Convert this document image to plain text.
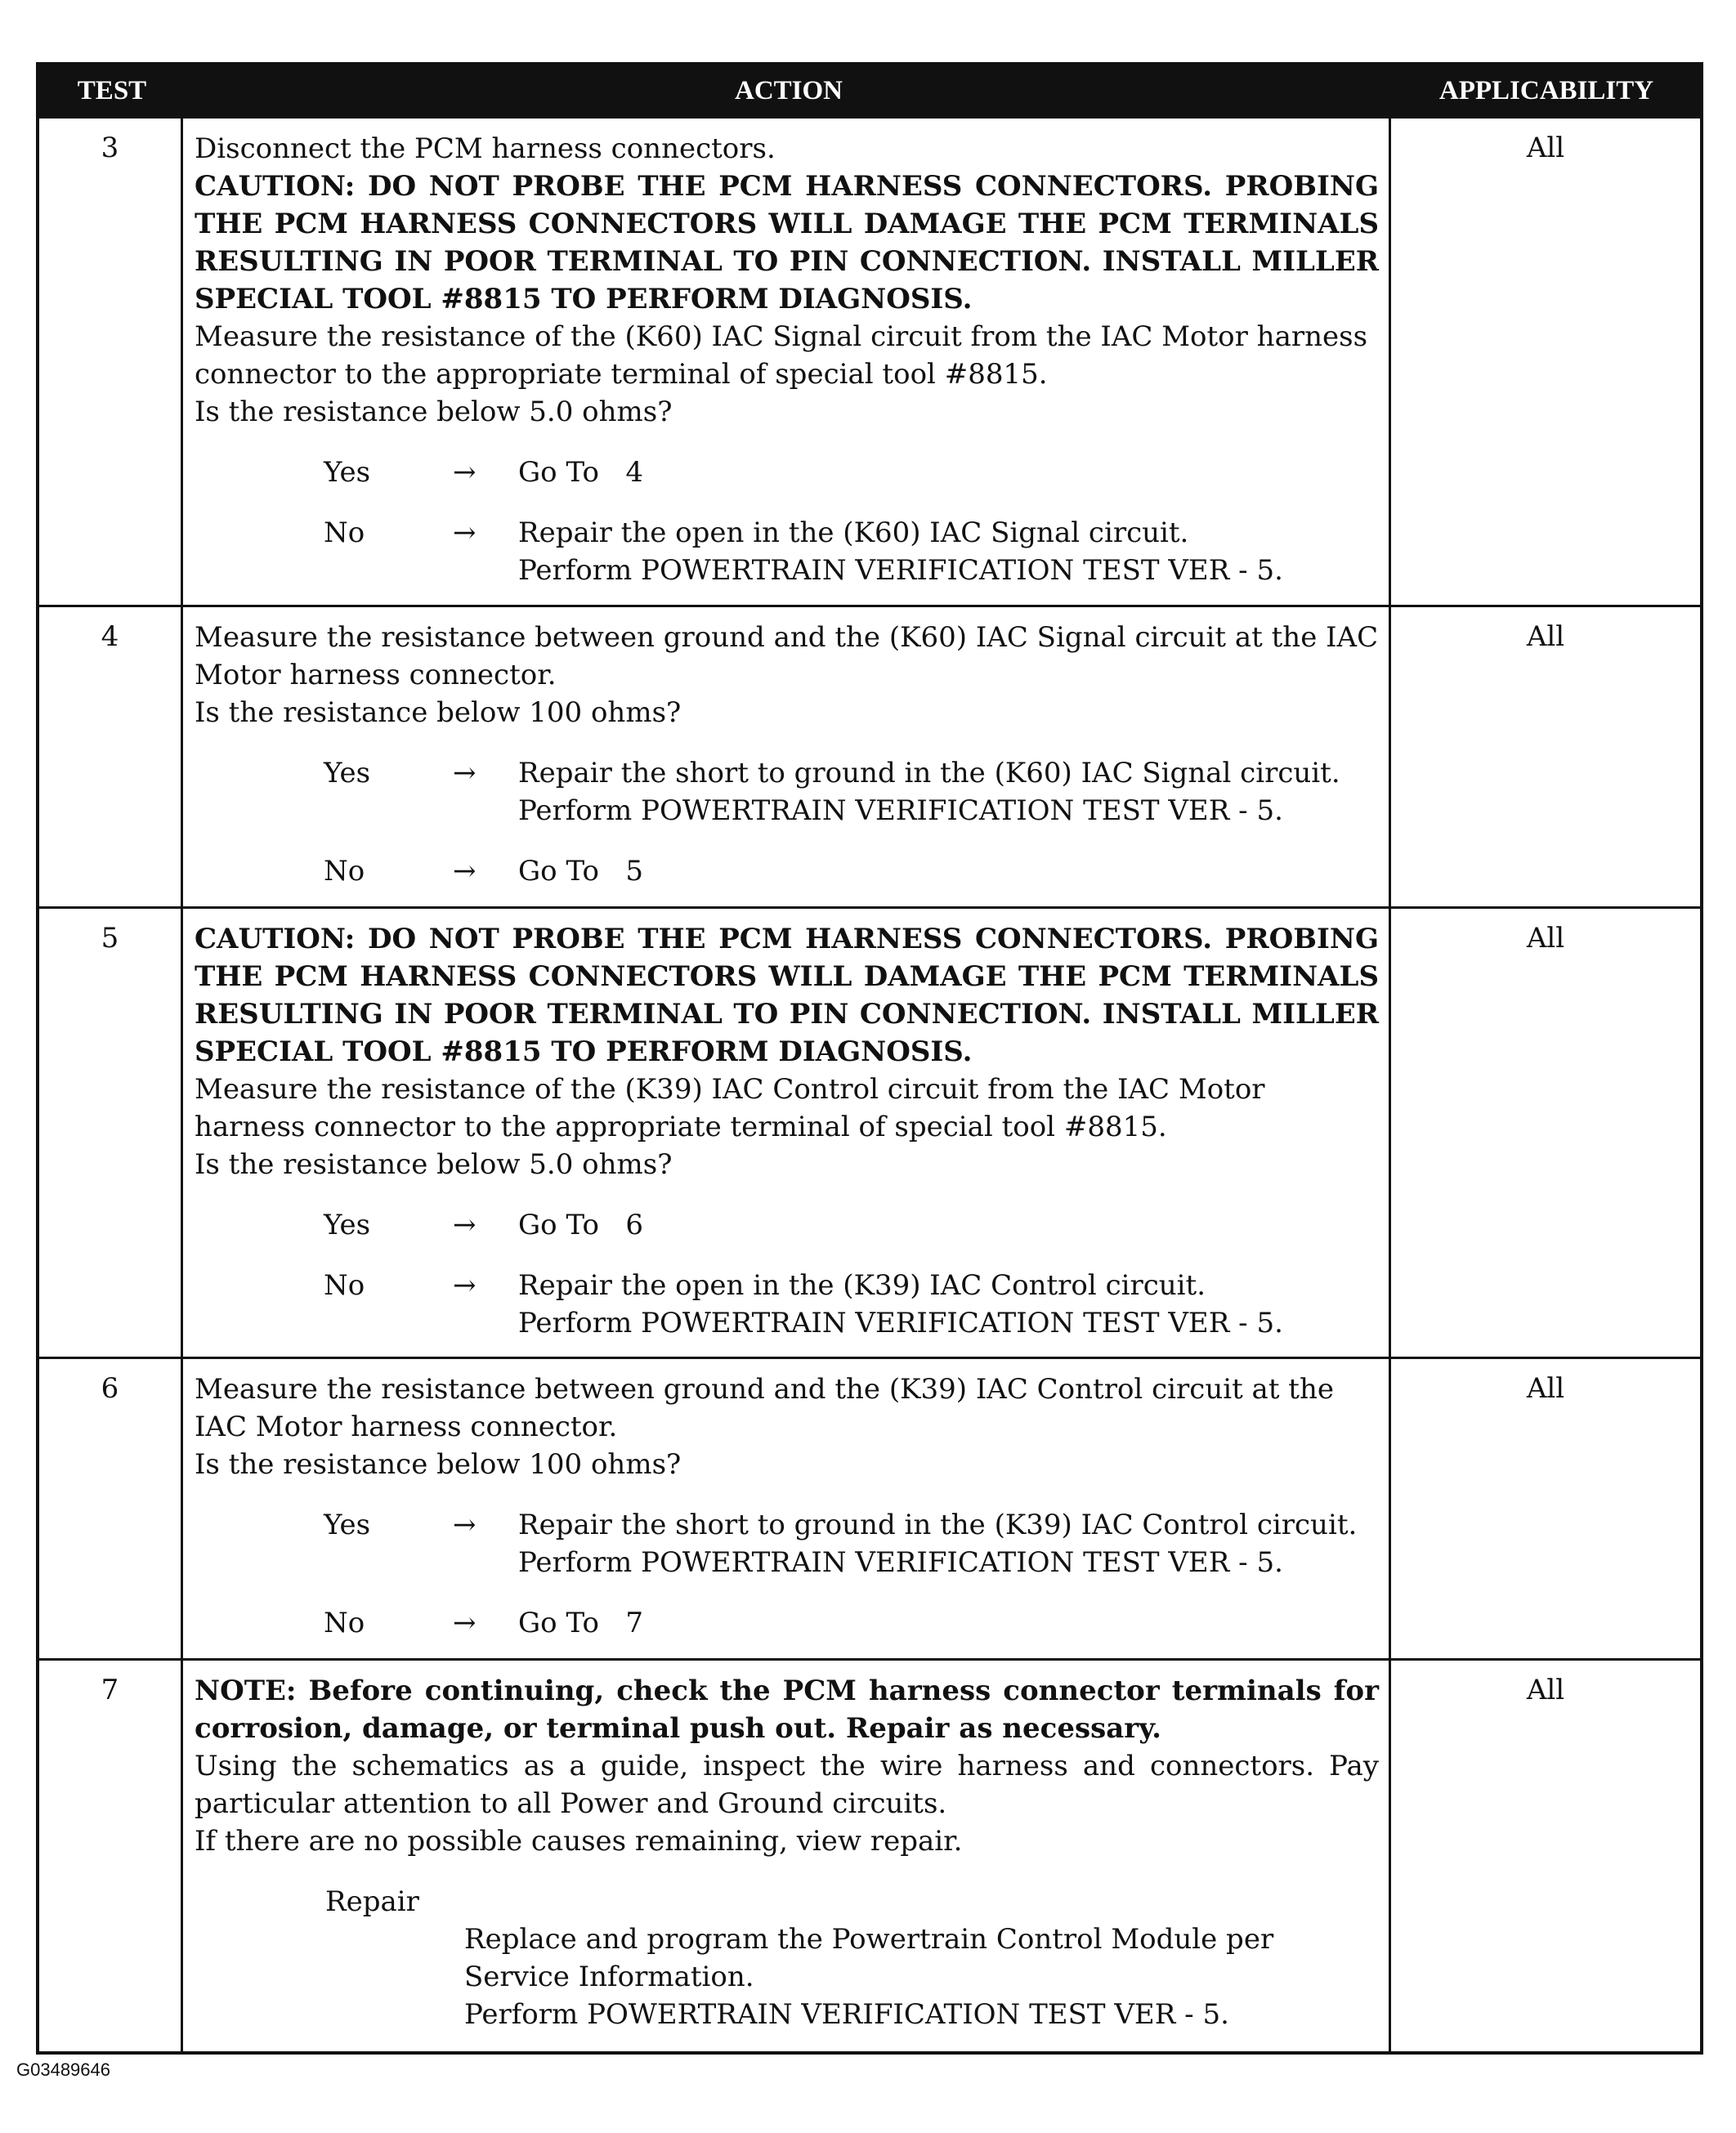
TEST	ACTION	APPLICABILITY
3	Disconnect the PCM harness connectors.
CAUTION: DO NOT PROBE THE PCM HARNESS CONNECTORS. PROBING THE PCM HARNESS CONNECTORS WILL DAMAGE THE PCM TERMINALS RESULTING IN POOR TERMINAL TO PIN CONNECTION. INSTALL MILLER SPECIAL TOOL #8815 TO PERFORM DIAGNOSIS.
Measure the resistance of the (K60) IAC Signal circuit from the IAC Motor harness connector to the appropriate terminal of special tool #8815.
Is the resistance below 5.0 ohms?
Yes	→	Go To   4
No	→	Repair the open in the (K60) IAC Signal circuit.
Perform POWERTRAIN VERIFICATION TEST VER - 5.
All
4	Measure the resistance between ground and the (K60) IAC Signal circuit at the IAC Motor harness connector.
Is the resistance below 100 ohms?
Yes	→	Repair the short to ground in the (K60) IAC Signal circuit.
Perform POWERTRAIN VERIFICATION TEST VER - 5.
No	→	Go To   5
All
5	CAUTION: DO NOT PROBE THE PCM HARNESS CONNECTORS. PROBING THE PCM HARNESS CONNECTORS WILL DAMAGE THE PCM TERMINALS RESULTING IN POOR TERMINAL TO PIN CONNECTION. INSTALL MILLER SPECIAL TOOL #8815 TO PERFORM DIAGNOSIS.
Measure the resistance of the (K39) IAC Control circuit from the IAC Motor harness connector to the appropriate terminal of special tool #8815.
Is the resistance below 5.0 ohms?
Yes	→	Go To   6
No	→	Repair the open in the (K39) IAC Control circuit.
Perform POWERTRAIN VERIFICATION TEST VER - 5.
All
6	Measure the resistance between ground and the (K39) IAC Control circuit at the IAC Motor harness connector.
Is the resistance below 100 ohms?
Yes	→	Repair the short to ground in the (K39) IAC Control circuit.
Perform POWERTRAIN VERIFICATION TEST VER - 5.
No	→	Go To   7
All
7	NOTE: Before continuing, check the PCM harness connector terminals for corrosion, damage, or terminal push out. Repair as necessary.
Using the schematics as a guide, inspect the wire harness and connectors. Pay particular attention to all Power and Ground circuits.
If there are no possible causes remaining, view repair.
Repair
Replace and program the Powertrain Control Module per Service Information.
Perform POWERTRAIN VERIFICATION TEST VER - 5.
All
G03489646
